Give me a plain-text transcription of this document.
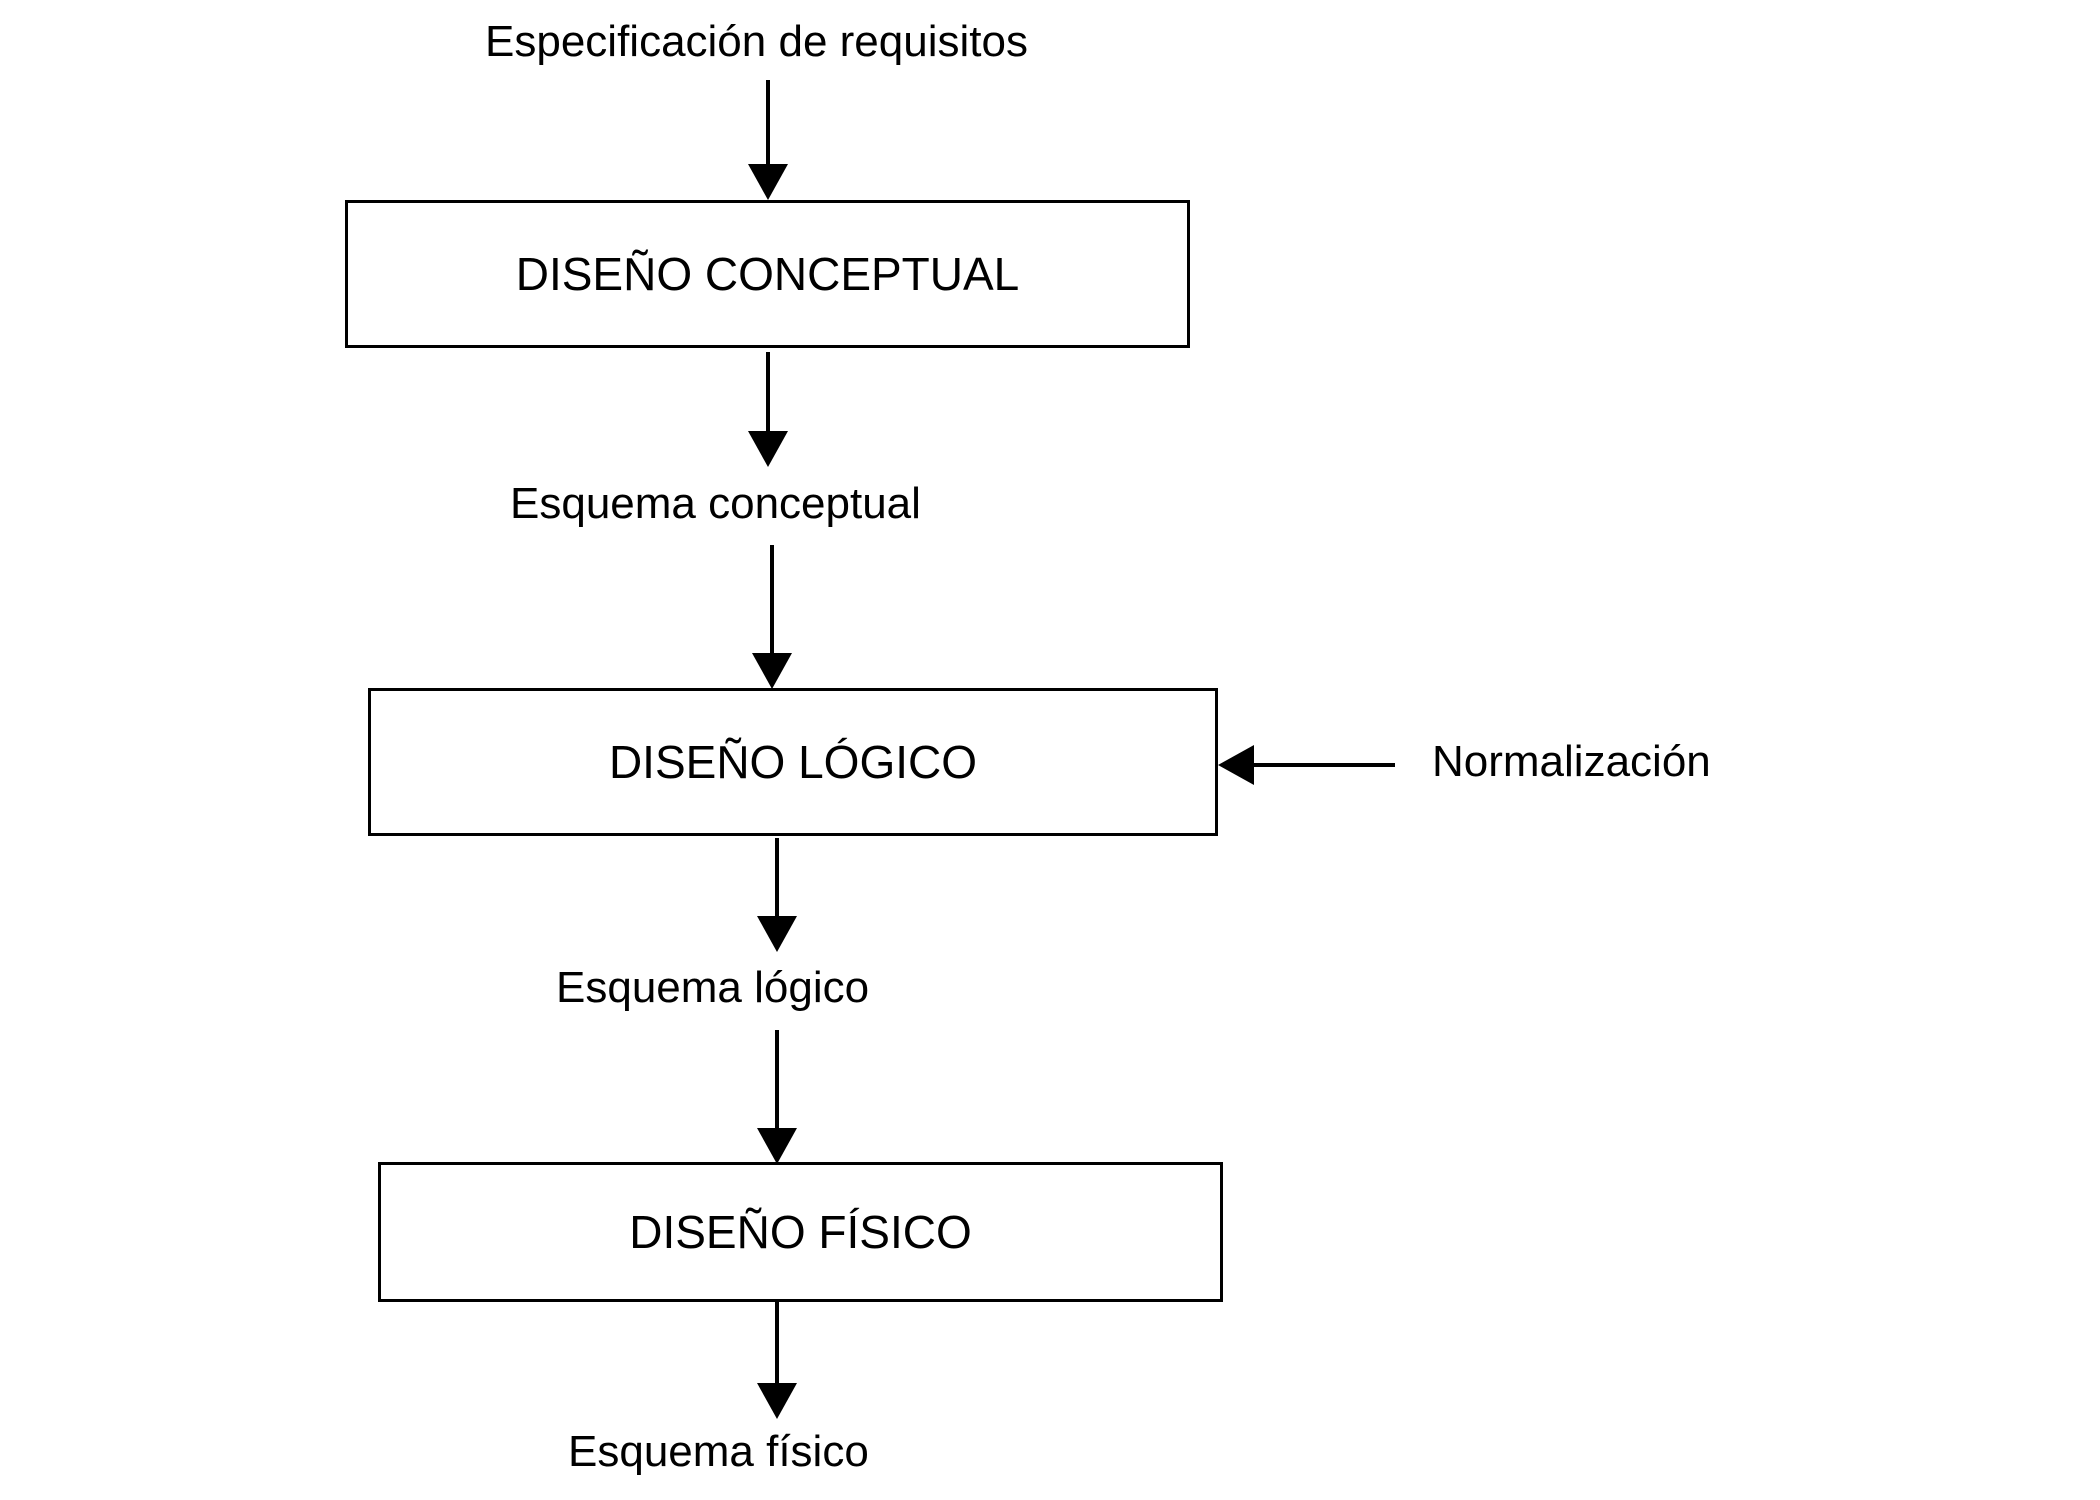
Especificación de requisitos
DISEÑO CONCEPTUAL
Esquema conceptual
DISEÑO LÓGICO	Normalización
Esquema lógico
DISEÑO FÍSICO
Esquema físico
